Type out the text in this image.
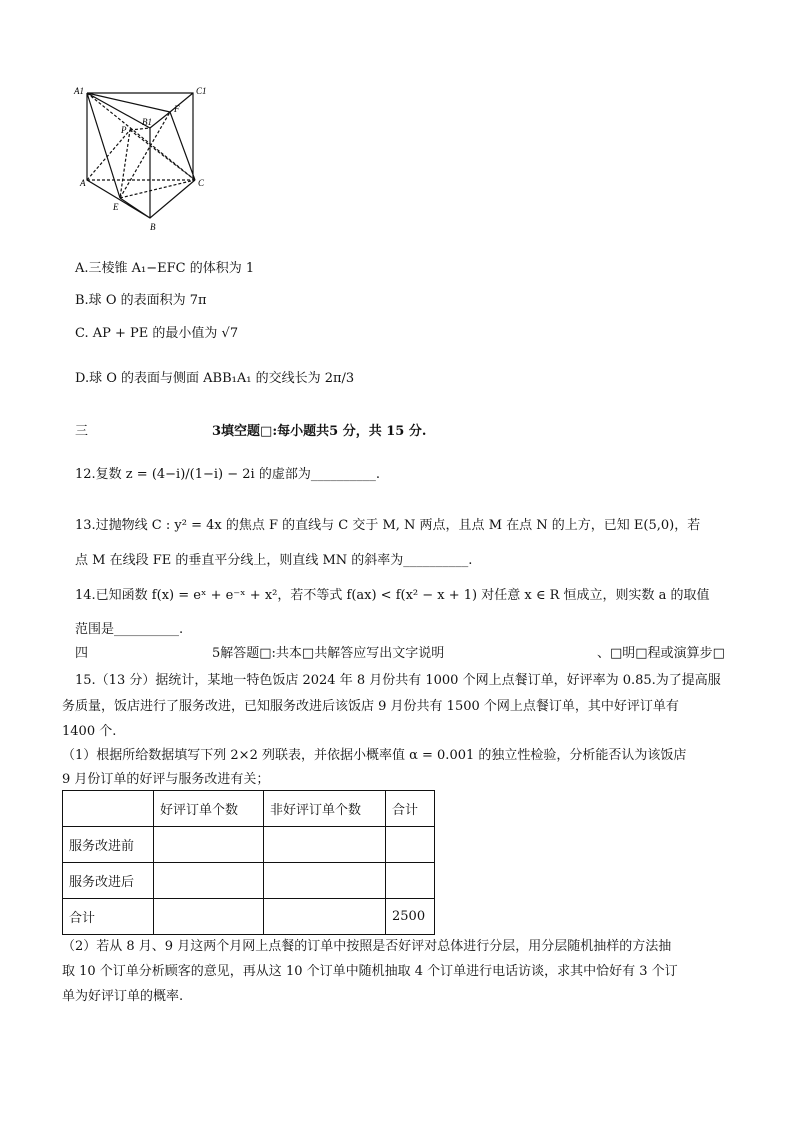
A1	C1
B1
F
P
A	C
E
B
A.三棱锥 A₁−EFC 的体积为 1
B.球 O 的表面积为 7π
C. AP + PE 的最小值为 √7
D.球 O 的表面与侧面 ABB₁A₁ 的交线长为 2π/3
三	3填空题□:每小题共5 分，共 15 分.
12.复数 z = (4−i)/(1−i) − 2i 的虚部为__________.
13.过抛物线 C : y² = 4x 的焦点 F 的直线与 C 交于 M, N 两点，且点 M 在点 N 的上方，已知 E(5,0)，若
点 M 在线段 FE 的垂直平分线上，则直线 MN 的斜率为__________.
14.已知函数 f(x) = eˣ + e⁻ˣ + x²，若不等式 f(ax) < f(x² − x + 1) 对任意 x ∈ R 恒成立，则实数 a 的取值
范围是__________.
四	5解答题□:共本□共解答应写出文字说明	、□明□程或演算步□
15.（13 分）据统计，某地一特色饭店 2024 年 8 月份共有 1000 个网上点餐订单，好评率为 0.85.为了提高服
务质量，饭店进行了服务改进，已知服务改进后该饭店 9 月份共有 1500 个网上点餐订单，其中好评订单有
1400 个.
（1）根据所给数据填写下列 2×2 列联表，并依据小概率值 α = 0.001 的独立性检验，分析能否认为该饭店
9 月份订单的好评与服务改进有关；
	好评订单个数	非好评订单个数	合计
服务改进前			
服务改进后			
合计			2500
（2）若从 8 月、9 月这两个月网上点餐的订单中按照是否好评对总体进行分层，用分层随机抽样的方法抽
取 10 个订单分析顾客的意见，再从这 10 个订单中随机抽取 4 个订单进行电话访谈，求其中恰好有 3 个订
单为好评订单的概率.
